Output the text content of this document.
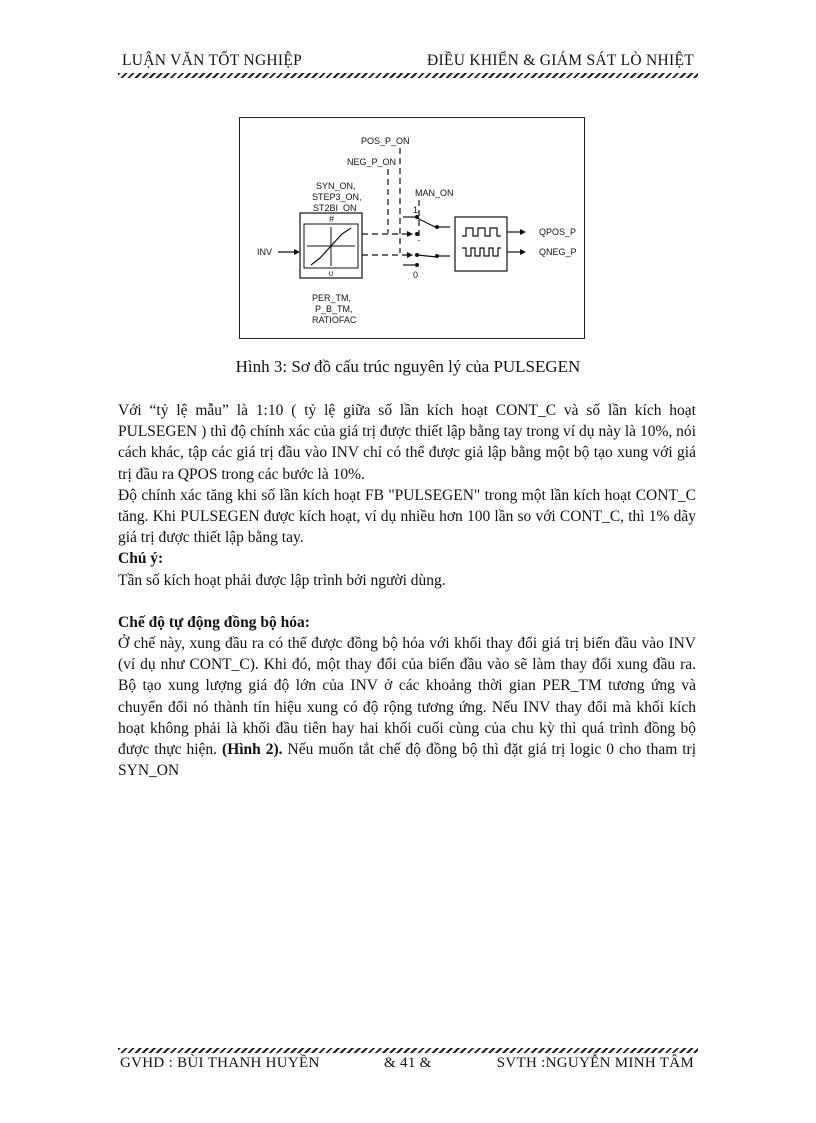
LUẬN VĂN TỐT NGHIỆP	ĐIỀU KHIỂN & GIÁM SÁT LÒ NHIỆT
POS_P_ON
NEG_P_ON
SYN_ON,
STEP3_ON,
ST2BI_ON
MAN_ON
#
∪
INV
PER_TM,
P_B_TM,
RATIOFAC
1
0
QPOS_P
QNEG_P
Hình 3: Sơ đồ cấu trúc nguyên lý của PULSEGEN

Với “tỷ lệ mẫu” là 1:10 ( tỷ lệ giữa số lần kích hoạt CONT_C và số lần kích hoạt PULSEGEN ) thì độ chính xác của giá trị được thiết lập bằng tay trong ví dụ này là 10%, nói cách khác, tập các giá trị đầu vào INV chỉ có thể được giả lập bằng một bộ tạo xung với giá trị đầu ra QPOS trong các bước là 10%.

Độ chính xác tăng khi số lần kích hoạt FB "PULSEGEN" trong một lần kích hoạt CONT_C tăng. Khi PULSEGEN được kích hoạt, ví dụ nhiều hơn 100 lần so với CONT_C, thì 1% dãy giá trị được thiết lập bằng tay.

Chú ý:

Tần số kích hoạt phải được lập trình bởi người dùng.

Chế độ tự động đồng bộ hóa:

Ở chế này, xung đầu ra có thể được đồng bộ hóa với khối thay đổi giá trị biến đầu vào INV (ví dụ như CONT_C). Khi đó, một thay đổi của biến đầu vào sẽ làm thay đổi xung đầu ra. Bộ tạo xung lượng giá độ lớn của INV ở các khoảng thời gian PER_TM tương ứng và chuyển đổi nó thành tín hiệu xung có độ rộng tương ứng. Nếu INV thay đổi mà khối kích hoạt không phải là khối đầu tiên hay hai khối cuối cùng của chu kỳ thì quá trình đồng bộ được thực hiện. (Hình 2). Nếu muốn tắt chế độ đồng bộ thì đặt giá trị logic 0 cho tham trị SYN_ON

GVHD : BÙI THANH HUYỀN	& 41 &	SVTH :NGUYỄN MINH TÂM
